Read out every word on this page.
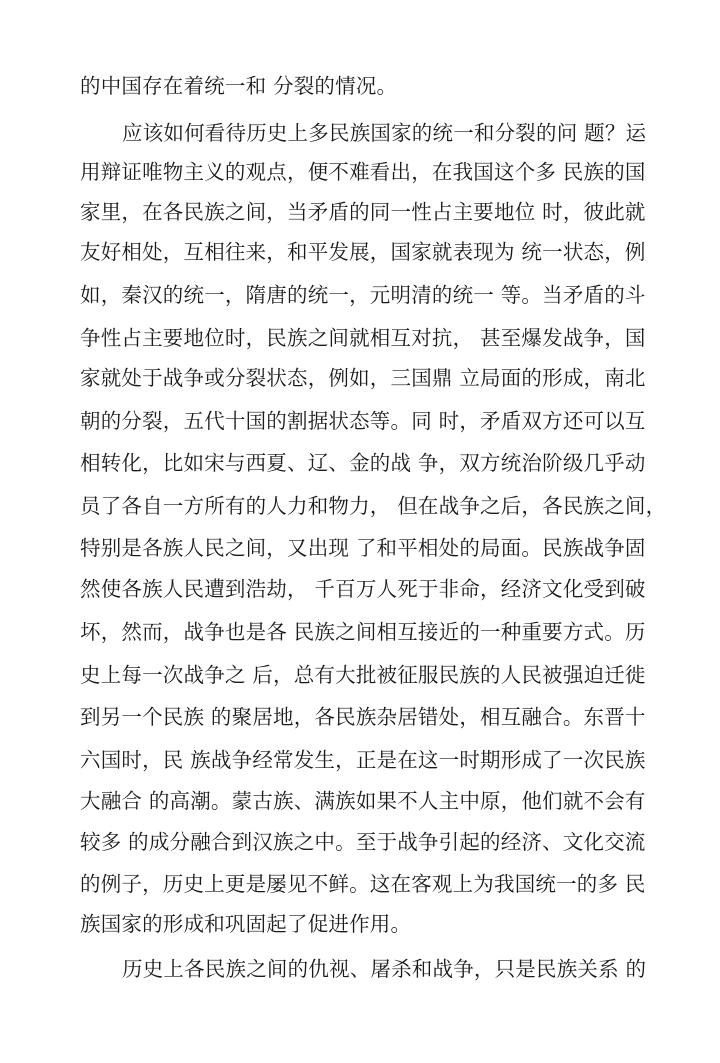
的中国存在着统一和 分裂的情况。
应该如何看待历史上多民族国家的统一和分裂的问 题？运
用辩证唯物主义的观点，便不难看出，在我国这个多 民族的国
家里，在各民族之间，当矛盾的同一性占主要地位 时，彼此就
友好相处，互相往来，和平发展，国家就表现为 统一状态，例
如，秦汉的统一，隋唐的统一，元明清的统一 等。当矛盾的斗
争性占主要地位时，民族之间就相互对抗， 甚至爆发战争，国
家就处于战争或分裂状态，例如，三国鼎 立局面的形成，南北
朝的分裂，五代十国的割据状态等。同 时，矛盾双方还可以互
相转化，比如宋与西夏、辽、金的战 争，双方统治阶级几乎动
员了各自一方所有的人力和物力， 但在战争之后，各民族之间，
特别是各族人民之间，又出现 了和平相处的局面。民族战争固
然使各族人民遭到浩劫， 千百万人死于非命，经济文化受到破
坏，然而，战争也是各 民族之间相互接近的一种重要方式。历
史上每一次战争之 后，总有大批被征服民族的人民被强迫迁徙
到另一个民族 的聚居地，各民族杂居错处，相互融合。东晋十
六国时，民 族战争经常发生，正是在这一时期形成了一次民族
大融合 的高潮。蒙古族、满族如果不人主中原，他们就不会有
较多 的成分融合到汉族之中。至于战争引起的经济、文化交流
的例子，历史上更是屡见不鲜。这在客观上为我国统一的多 民
族国家的形成和巩固起了促进作用。
历史上各民族之间的仇视、屠杀和战争，只是民族关系 的
